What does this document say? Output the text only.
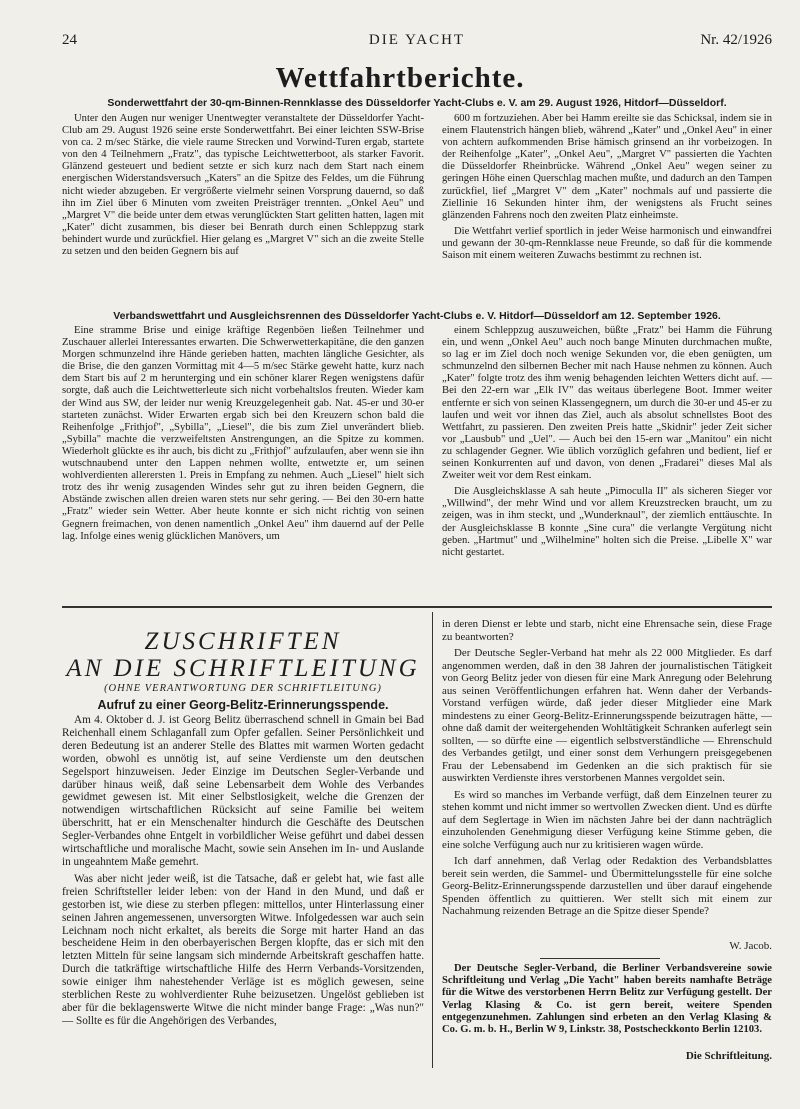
24	DIE YACHT	Nr. 42/1926
Wettfahrtberichte.
Sonderwettfahrt der 30-qm-Binnen-Rennklasse des Düsseldorfer Yacht-Clubs e. V. am 29. August 1926, Hitdorf—Düsseldorf.

Unter den Augen nur weniger Unentwegter veranstaltete der Düsseldorfer Yacht-Club am 29. August 1926 seine erste Sonderwettfahrt. Bei einer leichten SSW-Brise von ca. 2 m/sec Stärke, die viele raume Strecken und Vorwind-Turen ergab, startete von den 4 Teilnehmern „Fratz", das typische Leichtwetterboot, als starker Favorit. Glänzend gesteuert und bedient setzte er sich kurz nach dem Start nach einem energischen Widerstandsversuch „Katers" an die Spitze des Feldes, um die Führung nicht wieder abzugeben. Er vergrößerte vielmehr seinen Vorsprung dauernd, so daß ihn im Ziel über 6 Minuten vom zweiten Preisträger trennten. „Onkel Aeu" und „Margret V" die beide unter dem etwas verunglückten Start gelitten hatten, lagen mit „Kater" dicht zusammen, bis dieser bei Benrath durch einen Schleppzug stark behindert wurde und zurückfiel. Hier gelang es „Margret V" sich an die zweite Stelle zu setzen und den beiden Gegnern bis auf

600 m fortzuziehen. Aber bei Hamm ereilte sie das Schicksal, indem sie in einem Flautenstrich hängen blieb, während „Kater" und „Onkel Aeu" in einer von achtern aufkommenden Brise hämisch grinsend an ihr vorbeizogen. In der Reihenfolge „Kater", „Onkel Aeu", „Margret V" passierten die Yachten die Düsseldorfer Rheinbrücke. Während „Onkel Aeu" wegen seiner zu geringen Höhe einen Querschlag machen mußte, und dadurch an den Tampen zurückfiel, lief „Margret V" dem „Kater" nochmals auf und passierte die Ziellinie 16 Sekunden hinter ihm, der wenigstens als Frucht seines glänzenden Fahrens noch den zweiten Platz einheimste.

Die Wettfahrt verlief sportlich in jeder Weise harmonisch und einwandfrei und gewann der 30-qm-Rennklasse neue Freunde, so daß für die kommende Saison mit einem weiteren Zuwachs bestimmt zu rechnen ist.

Verbandswettfahrt und Ausgleichsrennen des Düsseldorfer Yacht-Clubs e. V. Hitdorf—Düsseldorf am 12. September 1926.

Eine stramme Brise und einige kräftige Regenböen ließen Teilnehmer und Zuschauer allerlei Interessantes erwarten. Die Schwerwetterkapitäne, die den ganzen Morgen schmunzelnd ihre Hände gerieben hatten, machten längliche Gesichter, als die Brise, die den ganzen Vormittag mit 4—5 m/sec Stärke geweht hatte, kurz nach dem Start bis auf 2 m herunterging und ein schöner klarer Regen wenigstens dafür sorgte, daß auch die Leichtwetterleute sich nicht vorbehaltslos freuten. Wieder kam der Wind aus SW, der leider nur wenig Kreuzgelegenheit gab. Nat. 45-er und 30-er starteten zunächst. Wider Erwarten ergab sich bei den Kreuzern schon bald die Reihenfolge „Frithjof", „Sybilla", „Liesel", die bis zum Ziel unverändert blieb. „Sybilla" machte die verzweifeltsten Anstrengungen, an die Spitze zu kommen. Wiederholt glückte es ihr auch, bis dicht zu „Frithjof" aufzulaufen, aber wenn sie ihn wutschnaubend unter den Lappen nehmen wollte, entwetzte er, um seinen wohlverdienten allerersten 1. Preis in Empfang zu nehmen. Auch „Liesel" hielt sich trotz des ihr wenig zusagenden Windes sehr gut zu ihren beiden Gegnern, die Abstände zwischen allen dreien waren stets nur sehr gering. — Bei den 30-ern hatte „Fratz" wieder sein Wetter. Aber heute konnte er sich nicht richtig von seinen Gegnern freimachen, von denen namentlich „Onkel Aeu" ihm dauernd auf der Pelle lag. Infolge eines wenig glücklichen Manövers, um

einem Schleppzug auszuweichen, büßte „Fratz" bei Hamm die Führung ein, und wenn „Onkel Aeu" auch noch bange Minuten durchmachen mußte, so lag er im Ziel doch noch wenige Sekunden vor, die eben genügten, um schmunzelnd den silbernen Becher mit nach Hause nehmen zu können. Auch „Kater" folgte trotz des ihm wenig behagenden leichten Wetters dicht auf. — Bei den 22-ern war „Elk IV" das weitaus überlegene Boot. Immer weiter entfernte er sich von seinen Klassengegnern, um durch die 30-er und 45-er zu laufen und weit vor ihnen das Ziel, auch als absolut schnellstes Boot des Wettfahrt, zu passieren. Den zweiten Preis hatte „Skidnir" jeder Zeit sicher vor „Lausbub" und „Uel". — Auch bei den 15-ern war „Manitou" ein nicht zu schlagender Gegner. Wie üblich vorzüglich gefahren und bedient, lief er seinen Konkurrenten auf und davon, von denen „Fradarei" dieses Mal als Zweiter weit vor dem Rest einkam.

Die Ausgleichsklasse A sah heute „Pimoculla II" als sicheren Sieger vor „Willwind", der mehr Wind und vor allem Kreuzstrecken braucht, um zu zeigen, was in ihm steckt, und „Wunderknaul", der ziemlich enttäuschte. In der Ausgleichsklasse B konnte „Sine cura" die verlangte Vergütung nicht geben. „Hartmut" und „Wilhelmine" holten sich die Preise. „Libelle X" war nicht gestartet.

ZUSCHRIFTEN
AN DIE SCHRIFTLEITUNG
(OHNE VERANTWORTUNG DER SCHRIFTLEITUNG)
Aufruf zu einer Georg-Belitz-Erinnerungsspende.

Am 4. Oktober d. J. ist Georg Belitz überraschend schnell in Gmain bei Bad Reichenhall einem Schlaganfall zum Opfer gefallen. Seiner Persönlichkeit und deren Bedeutung ist an anderer Stelle des Blattes mit warmen Worten gedacht worden, obwohl es unnötig ist, auf seine Verdienste um den deutschen Segelsport hinzuweisen. Jeder Einzige im Deutschen Segler-Verbande und darüber hinaus weiß, daß seine Lebensarbeit dem Wohle des Verbandes gewidmet gewesen ist. Mit einer Selbstlosigkeit, welche die Grenzen der notwendigen wirtschaftlichen Rücksicht auf seine Familie bei weitem überschritt, hat er ein Menschenalter hindurch die Geschäfte des Deutschen Segler-Verbandes ohne Entgelt in vorbildlicher Weise geführt und dabei dessen wirtschaftliche und moralische Macht, sowie sein Ansehen im In- und Auslande in ungeahntem Maße gemehrt.

Was aber nicht jeder weiß, ist die Tatsache, daß er gelebt hat, wie fast alle freien Schriftsteller leider leben: von der Hand in den Mund, und daß er gestorben ist, wie diese zu sterben pflegen: mittellos, unter Hinterlassung einer seinen Jahren angemessenen, unversorgten Witwe. Infolgedessen war auch sein Leichnam noch nicht erkaltet, als bereits die Sorge mit harter Hand an das bescheidene Heim in den oberbayerischen Bergen klopfte, das er sich mit den letzten Mitteln für seine langsam sich mindernde Arbeitskraft geschaffen hatte. Durch die tatkräftige wirtschaftliche Hilfe des Herrn Verbands-Vorsitzenden, sowie einiger ihm nahestehender Verläge ist es möglich gewesen, seine sterblichen Reste zu wohlverdienter Ruhe beizusetzen. Ungelöst geblieben ist aber für die beklagenswerte Witwe die nicht minder bange Frage: „Was nun?" — Sollte es für die Angehörigen des Verbandes,

in deren Dienst er lebte und starb, nicht eine Ehrensache sein, diese Frage zu beantworten?

Der Deutsche Segler-Verband hat mehr als 22 000 Mitglieder. Es darf angenommen werden, daß in den 38 Jahren der journalistischen Tätigkeit von Georg Belitz jeder von diesen für eine Mark Anregung oder Belehrung aus seinen Veröffentlichungen erfahren hat. Wenn daher der Verbands-Vorstand verfügen würde, daß jeder dieser Mitglieder eine Mark mindestens zu einer Georg-Belitz-Erinnerungsspende beizutragen hätte, — ohne daß damit der weitergehenden Wohltätigkeit Schranken auferlegt sein sollten, — so dürfte eine — eigentlich selbstverständliche — Ehrenschuld des Verbandes getilgt, und einer sonst dem Verhungern preisgegebenen Frau der Lebensabend im Gedenken an die sich praktisch für sie auswirkten Verdienste ihres verstorbenen Mannes vergoldet sein.

Es wird so manches im Verbande verfügt, daß dem Einzelnen teurer zu stehen kommt und nicht immer so wertvollen Zwecken dient. Und es dürfte auf dem Seglertage in Wien im nächsten Jahre bei der dann nachträglich einzuholenden Genehmigung dieser Verfügung keine Stimme geben, die eine solche Verfügung auch nur zu kritisieren wagen würde.

Ich darf annehmen, daß Verlag oder Redaktion des Verbandsblattes bereit sein werden, die Sammel- und Übermittelungsstelle für eine solche Georg-Belitz-Erinnerungsspende darzustellen und über darauf eingehende Spenden öffentlich zu quittieren. Wer stellt sich mit einem zur Nachahmung reizenden Betrage an die Spitze dieser Spende?

W. Jacob.

Der Deutsche Segler-Verband, die Berliner Verbandsvereine sowie Schriftleitung und Verlag „Die Yacht" haben bereits namhafte Beträge für die Witwe des verstorbenen Herrn Belitz zur Verfügung gestellt. Der Verlag Klasing & Co. ist gern bereit, weitere Spenden entgegenzunehmen. Zahlungen sind erbeten an den Verlag Klasing & Co. G. m. b. H., Berlin W 9, Linkstr. 38, Postscheckkonto Berlin 12103.

Die Schriftleitung.
